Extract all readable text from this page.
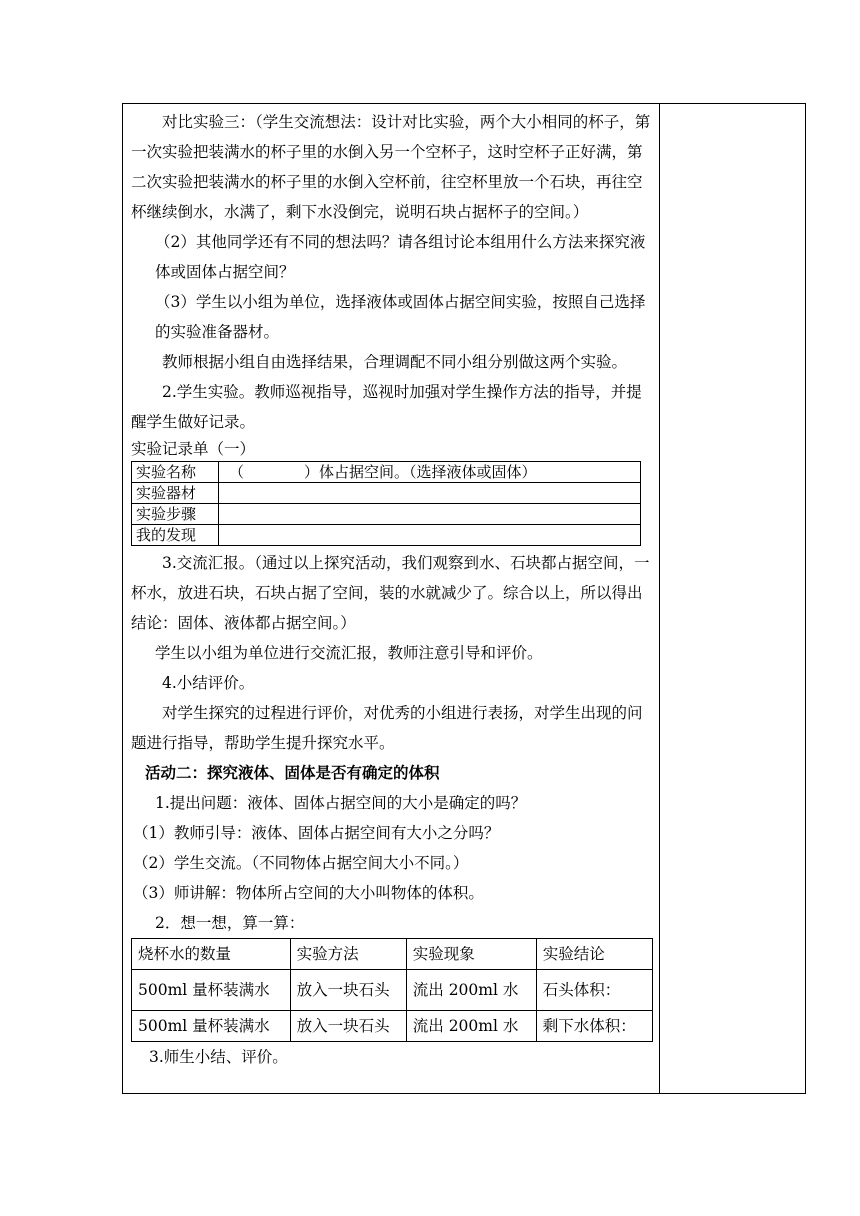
对比实验三：（学生交流想法：设计对比实验，两个大小相同的杯子，第一次实验把装满水的杯子里的水倒入另一个空杯子，这时空杯子正好满，第二次实验把装满水的杯子里的水倒入空杯前，往空杯里放一个石块，再往空杯继续倒水，水满了，剩下水没倒完，说明石块占据杯子的空间。）

（2）其他同学还有不同的想法吗？请各组讨论本组用什么方法来探究液体或固体占据空间？

（3）学生以小组为单位，选择液体或固体占据空间实验，按照自己选择的实验准备器材。

教师根据小组自由选择结果，合理调配不同小组分别做这两个实验。

2.学生实验。教师巡视指导，巡视时加强对学生操作方法的指导，并提醒学生做好记录。

实验记录单（一）

实验名称	（　　　　）体占据空间。（选择液体或固体）
实验器材	
实验步骤	
我的发现	

3.交流汇报。（通过以上探究活动，我们观察到水、石块都占据空间，一杯水，放进石块，石块占据了空间，装的水就减少了。综合以上，所以得出结论：固体、液体都占据空间。）

学生以小组为单位进行交流汇报，教师注意引导和评价。

4.小结评价。

对学生探究的过程进行评价，对优秀的小组进行表扬，对学生出现的问题进行指导，帮助学生提升探究水平。

活动二：探究液体、固体是否有确定的体积

1.提出问题：液体、固体占据空间的大小是确定的吗？

（1）教师引导：液体、固体占据空间有大小之分吗？

（2）学生交流。（不同物体占据空间大小不同。）

（3）师讲解：物体所占空间的大小叫物体的体积。

2．想一想，算一算：

烧杯水的数量	实验方法	实验现象	实验结论
500ml 量杯装满水	放入一块石头	流出 200ml 水	石头体积：
500ml 量杯装满水	放入一块石头	流出 200ml 水	剩下水体积：

3.师生小结、评价。
